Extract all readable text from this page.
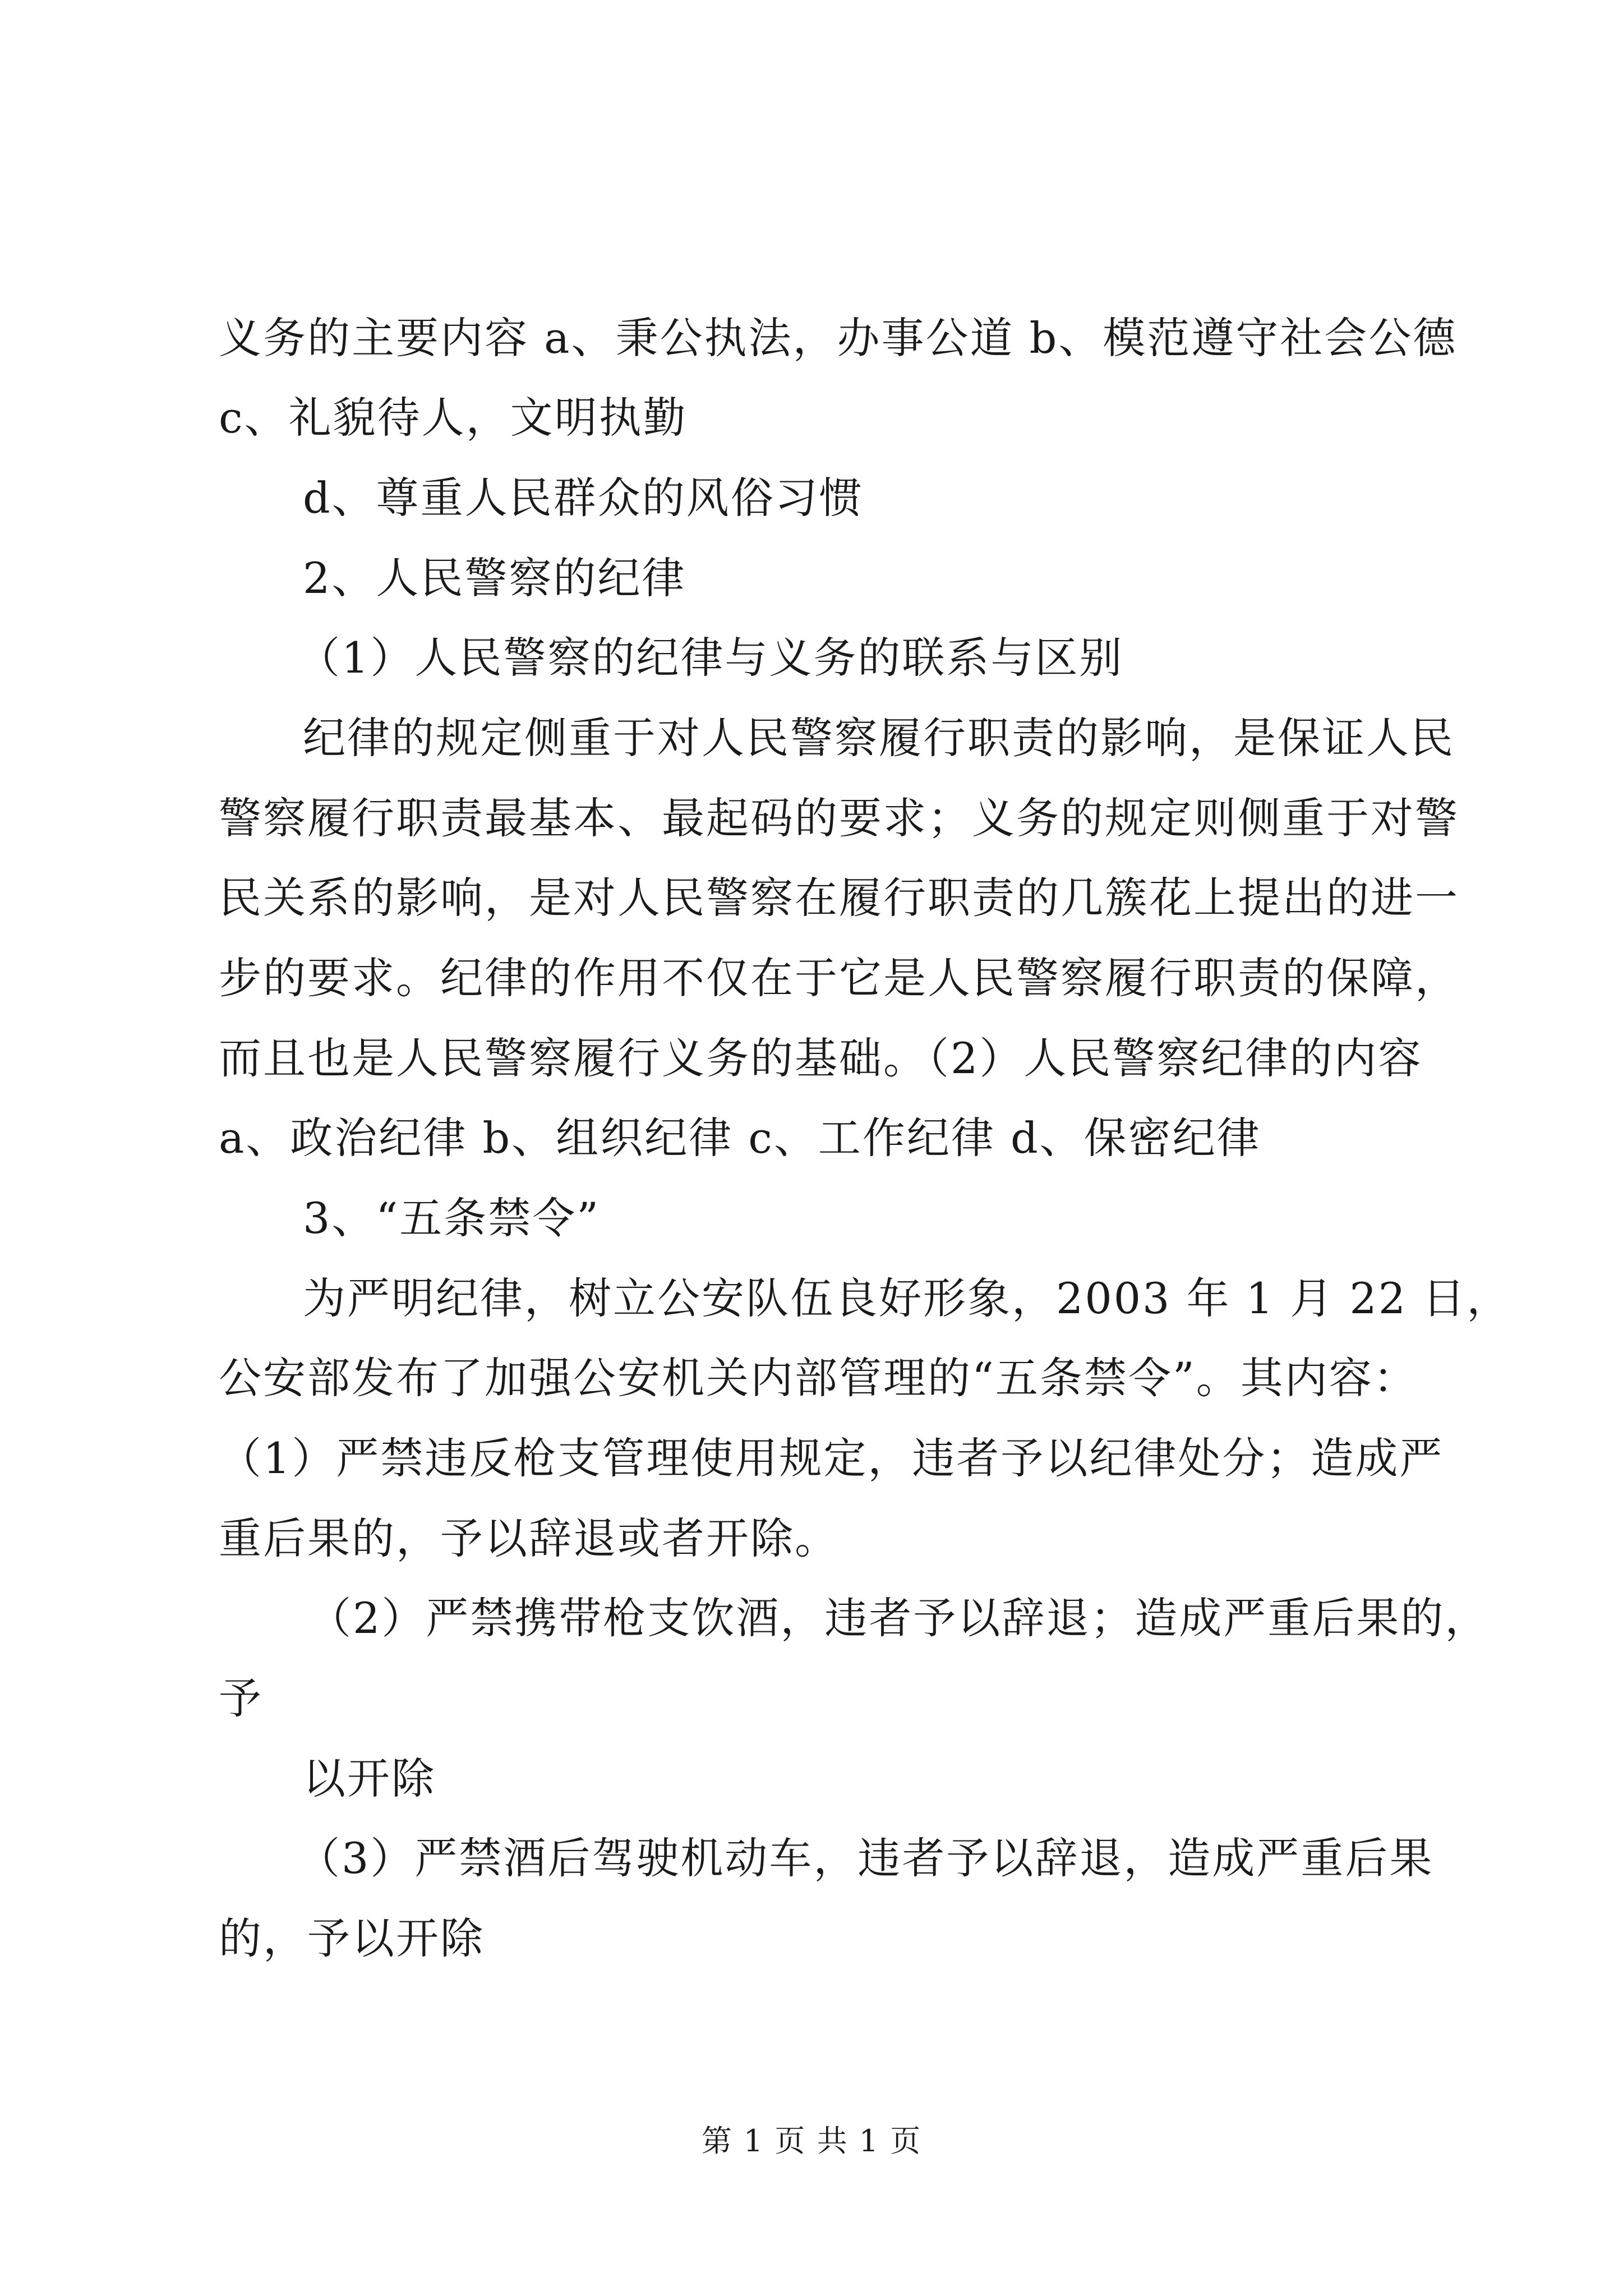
义务的主要内容 a、秉公执法，办事公道 b、模范遵守社会公德
c、礼貌待人，文明执勤
d、尊重人民群众的风俗习惯
2、人民警察的纪律
（1）人民警察的纪律与义务的联系与区别
纪律的规定侧重于对人民警察履行职责的影响，是保证人民
警察履行职责最基本、最起码的要求；义务的规定则侧重于对警
民关系的影响，是对人民警察在履行职责的几簇花上提出的进一
步的要求。纪律的作用不仅在于它是人民警察履行职责的保障，
而且也是人民警察履行义务的基础。（2）人民警察纪律的内容
a、政治纪律 b、组织纪律 c、工作纪律 d、保密纪律
3、“五条禁令”
为严明纪律，树立公安队伍良好形象，2003 年 1 月 22 日，
公安部发布了加强公安机关内部管理的“五条禁令”。其内容：
（1）严禁违反枪支管理使用规定，违者予以纪律处分；造成严
重后果的，予以辞退或者开除。
（2）严禁携带枪支饮酒，违者予以辞退；造成严重后果的，
予
以开除
（3）严禁酒后驾驶机动车，违者予以辞退，造成严重后果
的，予以开除
第 1 页 共 1 页
